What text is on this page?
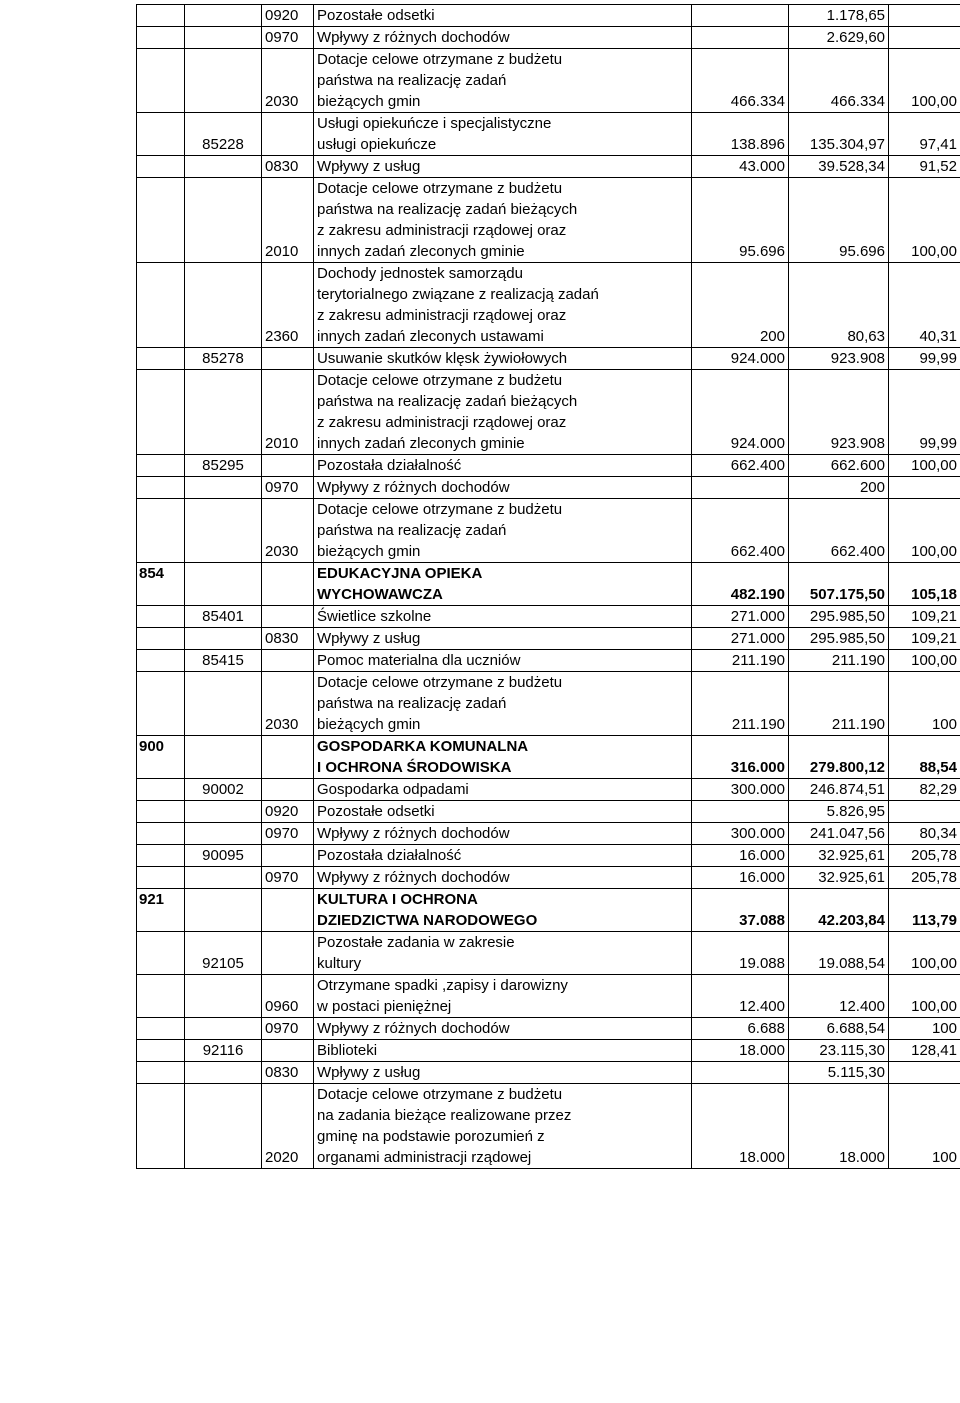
		0920	Pozostałe odsetki		1.178,65	
		0970	Wpływy z różnych dochodów		2.629,60	
		2030	Dotacje celowe otrzymane z budżetu
państwa na realizację zadań
bieżących gmin	466.334	466.334	100,00
	85228		Usługi opiekuńcze i specjalistyczne
usługi opiekuńcze	138.896	135.304,97	97,41
		0830	Wpływy z usług	43.000	39.528,34	91,52
		2010	Dotacje celowe otrzymane z budżetu
państwa na realizację zadań bieżących
z zakresu administracji rządowej oraz
innych zadań zleconych gminie	95.696	95.696	100,00
		2360	Dochody jednostek samorządu
terytorialnego związane z realizacją zadań
z zakresu administracji rządowej oraz
innych zadań zleconych ustawami	200	80,63	40,31
	85278		Usuwanie skutków klęsk żywiołowych	924.000	923.908	99,99
		2010	Dotacje celowe otrzymane z budżetu
państwa na realizację zadań bieżących
z zakresu administracji rządowej oraz
innych zadań zleconych gminie	924.000	923.908	99,99
	85295		Pozostała działalność	662.400	662.600	100,00
		0970	Wpływy z różnych dochodów		200	
		2030	Dotacje celowe otrzymane z budżetu
państwa na realizację zadań
bieżących gmin	662.400	662.400	100,00
854			EDUKACYJNA OPIEKA
WYCHOWAWCZA	482.190	507.175,50	105,18
	85401		Świetlice szkolne	271.000	295.985,50	109,21
		0830	Wpływy z usług	271.000	295.985,50	109,21
	85415		Pomoc materialna dla uczniów	211.190	211.190	100,00
		2030	Dotacje celowe otrzymane z budżetu
państwa na realizację zadań
bieżących gmin	211.190	211.190	100
900			GOSPODARKA KOMUNALNA
I OCHRONA ŚRODOWISKA	316.000	279.800,12	88,54
	90002		Gospodarka odpadami	300.000	246.874,51	82,29
		0920	Pozostałe odsetki		5.826,95	
		0970	Wpływy z różnych dochodów	300.000	241.047,56	80,34
	90095		Pozostała działalność	16.000	32.925,61	205,78
		0970	Wpływy z różnych dochodów	16.000	32.925,61	205,78
921			KULTURA I OCHRONA
DZIEDZICTWA NARODOWEGO	37.088	42.203,84	113,79
	92105		Pozostałe zadania w zakresie
kultury	19.088	19.088,54	100,00
		0960	Otrzymane spadki ,zapisy i darowizny
w postaci pieniężnej	12.400	12.400	100,00
		0970	Wpływy z różnych dochodów	6.688	6.688,54	100
	92116		Biblioteki	18.000	23.115,30	128,41
		0830	Wpływy z usług		5.115,30	
		2020	Dotacje celowe otrzymane z budżetu
na zadania bieżące realizowane przez
gminę na podstawie porozumień z
organami administracji rządowej	18.000	18.000	100
